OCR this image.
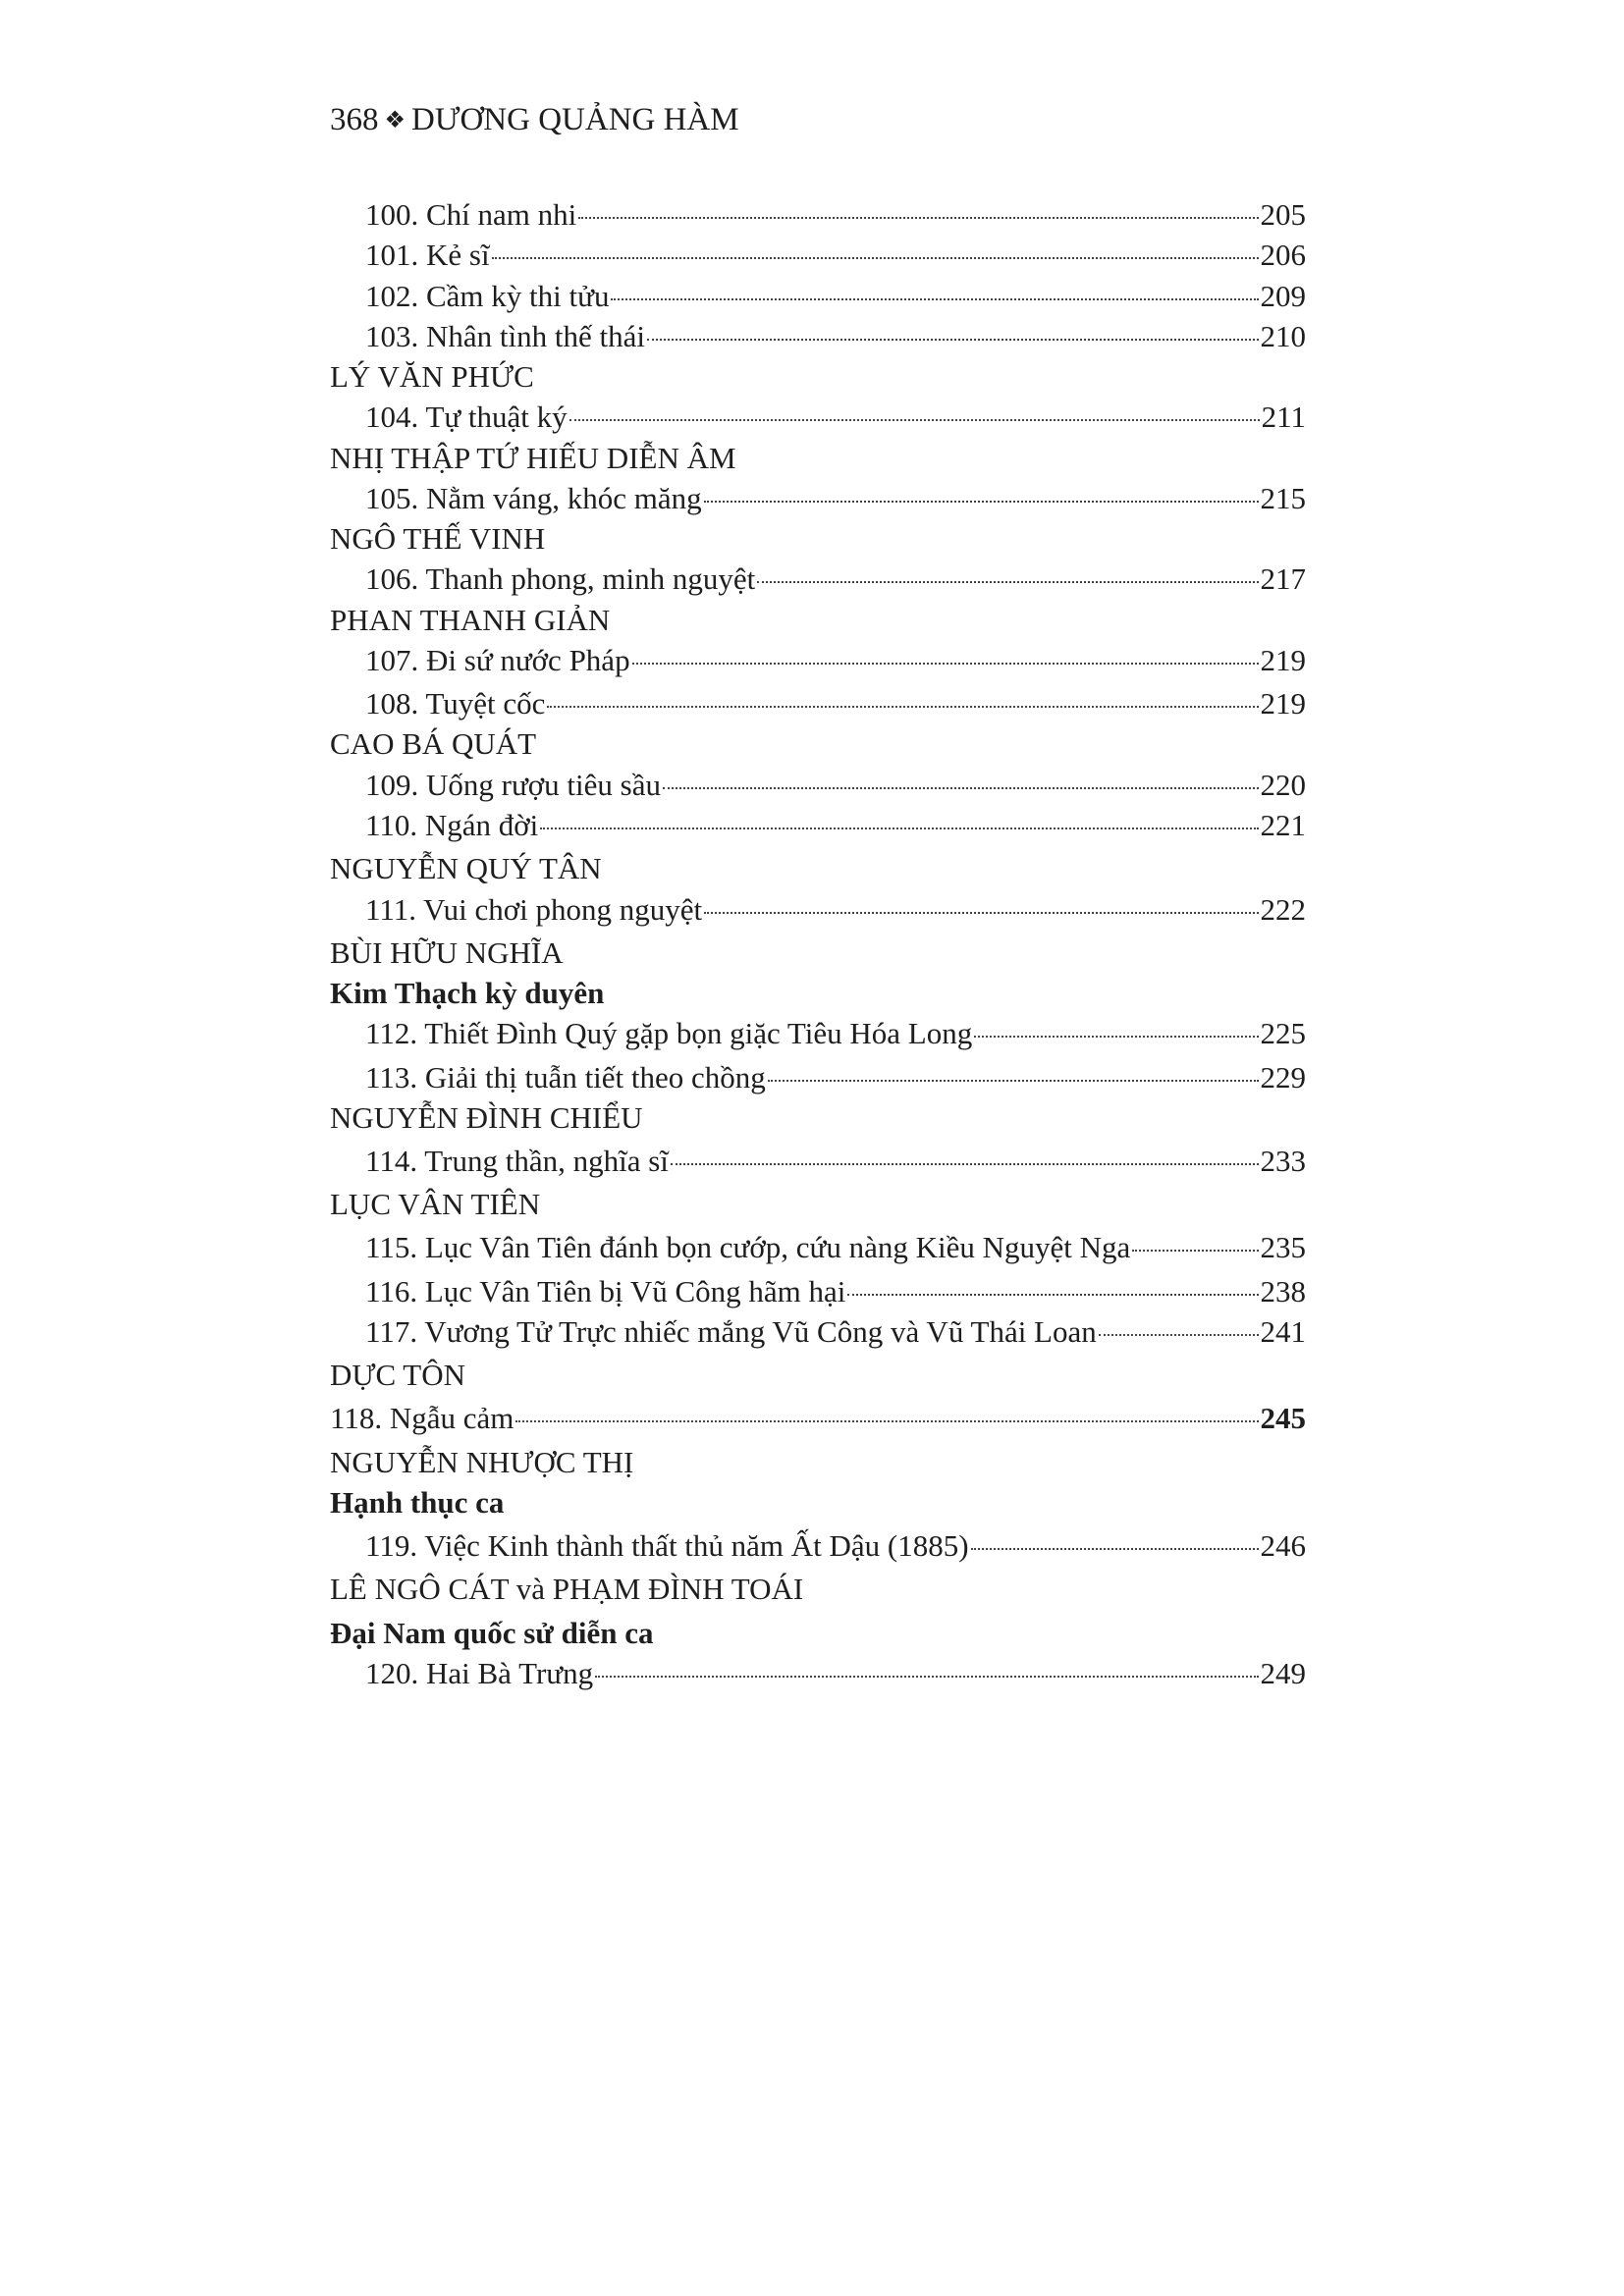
368 ❖ DƯƠNG QUẢNG HÀM
100. Chí nam nhi	205
101. Kẻ sĩ	206
102. Cầm kỳ thi tửu	209
103. Nhân tình thế thái	210
LÝ VĂN PHỨC
104. Tự thuật ký	211
NHỊ THẬP TỨ HIẾU DIỄN ÂM
105. Nằm váng, khóc măng	215
NGÔ THẾ VINH
106. Thanh phong, minh nguyệt	217
PHAN THANH GIẢN
107. Đi sứ nước Pháp	219
108. Tuyệt cốc	219
CAO BÁ QUÁT
109. Uống rượu tiêu sầu	220
110. Ngán đời	221
NGUYỄN QUÝ TÂN
111. Vui chơi phong nguyệt	222
BÙI HỮU NGHĨA
Kim Thạch kỳ duyên
112. Thiết Đình Quý gặp bọn giặc Tiêu Hóa Long	225
113. Giải thị tuẫn tiết theo chồng	229
NGUYỄN ĐÌNH CHIỂU
114. Trung thần, nghĩa sĩ	233
LỤC VÂN TIÊN
115. Lục Vân Tiên đánh bọn cướp, cứu nàng Kiều Nguyệt Nga	235
116. Lục Vân Tiên bị Vũ Công hãm hại	238
117. Vương Tử Trực nhiếc mắng Vũ Công và Vũ Thái Loan	241
DỰC TÔN
118. Ngẫu cảm	245
NGUYỄN NHƯỢC THỊ
Hạnh thục ca
119. Việc Kinh thành thất thủ năm Ất Dậu (1885)	246
LÊ NGÔ CÁT và PHẠM ĐÌNH TOÁI
Đại Nam quốc sử diễn ca
120. Hai Bà Trưng	249
